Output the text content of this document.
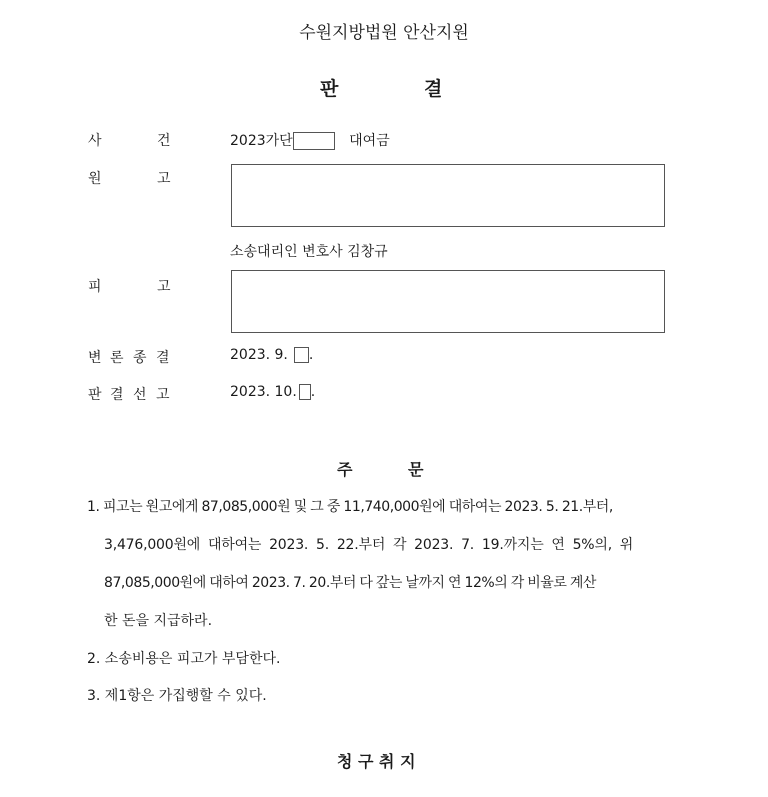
수원지방법원 안산지원
판	결
사	건	2023가단	대여금
원	고
소송대리인 변호사 김창규
피	고
변 론 종 결	2023. 9. .
판 결 선 고	2023. 10. .
주	문
1. 피고는 원고에게 87,085,000원 및 그 중 11,740,000원에 대하여는 2023. 5. 21.부터,
3,476,000원에 대하여는 2023. 5. 22.부터 각 2023. 7. 19.까지는 연 5%의, 위
87,085,000원에 대하여 2023. 7. 20.부터 다 갚는 날까지 연 12%의 각 비율로 계산
한 돈을 지급하라.
2. 소송비용은 피고가 부담한다.
3. 제1항은 가집행할 수 있다.
청 구 취 지
